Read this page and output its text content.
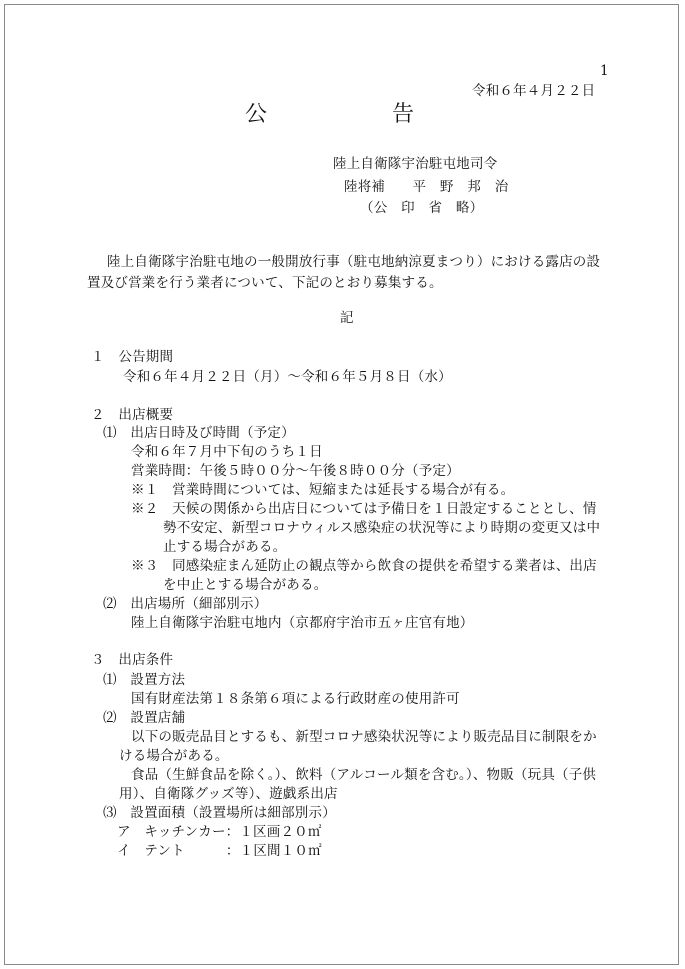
1
令和６年４月２２日
公	告
陸上自衛隊宇治駐屯地司令
陸将補　　平　野　邦　治
（公　印　省　略）
陸上自衛隊宇治駐屯地の一般開放行事（駐屯地納涼夏まつり）における露店の設
置及び営業を行う業者について、下記のとおり募集する。
記
１　公告期間
令和６年４月２２日（月）～令和６年５月８日（水）
２　出店概要
⑴　出店日時及び時間（予定）
令和６年７月中下旬のうち１日
営業時間：午後５時００分～午後８時００分（予定）
※１　営業時間については、短縮または延長する場合が有る。
※２　天候の関係から出店日については予備日を１日設定することとし、情
勢不安定、新型コロナウィルス感染症の状況等により時期の変更又は中
止する場合がある。
※３　同感染症まん延防止の観点等から飲食の提供を希望する業者は、出店
を中止とする場合がある。
⑵　出店場所（細部別示）
陸上自衛隊宇治駐屯地内（京都府宇治市五ヶ庄官有地）
３　出店条件
⑴　設置方法
国有財産法第１８条第６項による行政財産の使用許可
⑵　設置店舗
以下の販売品目とするも、新型コロナ感染状況等により販売品目に制限をか
ける場合がある。
食品（生鮮食品を除く。）、飲料（アルコール類を含む。）、物販（玩具（子供
用）、自衛隊グッズ等）、遊戯系出店
⑶　設置面積（設置場所は細部別示）
ア　キッチンカー：１区画２０㎡
イ　テント　　　：１区間１０㎡
